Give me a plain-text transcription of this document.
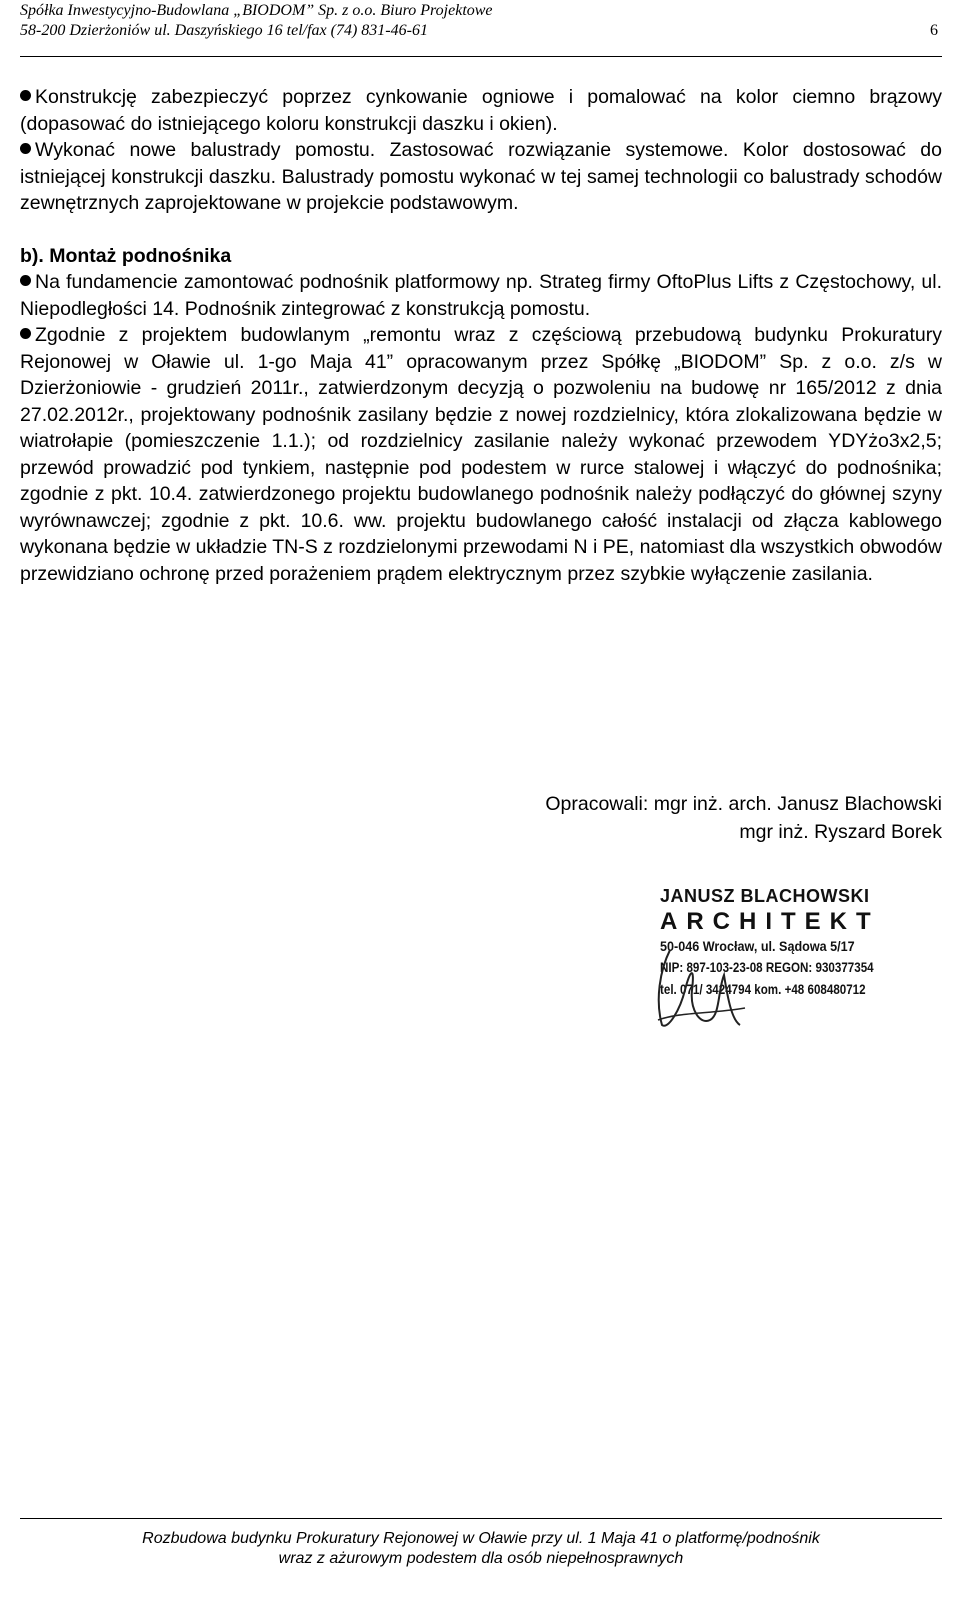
Spółka Inwestycyjno-Budowlana „BIODOM” Sp. z o.o. Biuro Projektowe
58-200 Dzierżoniów ul. Daszyńskiego 16 tel/fax (74) 831-46-61	6
Konstrukcję zabezpieczyć poprzez cynkowanie ogniowe i pomalować na kolor ciemno brązowy (dopasować do istniejącego koloru konstrukcji daszku i okien).
Wykonać nowe balustrady pomostu. Zastosować rozwiązanie systemowe. Kolor dostosować do istniejącej konstrukcji daszku. Balustrady pomostu wykonać w tej samej technologii co balustrady schodów zewnętrznych zaprojektowane w projekcie podstawowym.
b). Montaż podnośnika
Na fundamencie zamontować podnośnik platformowy np. Strateg firmy OftoPlus Lifts z Częstochowy, ul. Niepodległości 14. Podnośnik zintegrować z konstrukcją pomostu.
Zgodnie z projektem budowlanym „remontu wraz z częściową przebudową budynku Prokuratury Rejonowej w Oławie ul. 1-go Maja 41” opracowanym przez Spółkę „BIODOM” Sp. z o.o. z/s w Dzierżoniowie - grudzień 2011r., zatwierdzonym decyzją o pozwoleniu na budowę nr 165/2012 z dnia 27.02.2012r., projektowany podnośnik zasilany będzie z nowej rozdzielnicy, która zlokalizowana będzie w wiatrołapie (pomieszczenie 1.1.); od rozdzielnicy zasilanie należy wykonać przewodem YDYżo3x2,5; przewód prowadzić pod tynkiem, następnie pod podestem w rurce stalowej i włączyć do podnośnika; zgodnie z pkt. 10.4. zatwierdzonego projektu budowlanego podnośnik należy podłączyć do głównej szyny wyrównawczej; zgodnie z pkt. 10.6. ww. projektu budowlanego całość instalacji od złącza kablowego wykonana będzie w układzie TN-S z rozdzielonymi przewodami N i PE, natomiast dla wszystkich obwodów przewidziano ochronę przed porażeniem prądem elektrycznym przez szybkie wyłączenie zasilania.
Opracowali: mgr inż. arch. Janusz Blachowski
mgr inż. Ryszard Borek
JANUSZ BLACHOWSKI
ARCHITEKT
50-046 Wrocław, ul. Sądowa 5/17
NIP: 897-103-23-08 REGON: 930377354
tel. 071/ 3424794 kom. +48 608480712
Rozbudowa budynku Prokuratury Rejonowej w Oławie przy ul. 1 Maja 41 o platformę/podnośnik
wraz z ażurowym podestem dla osób niepełnosprawnych
